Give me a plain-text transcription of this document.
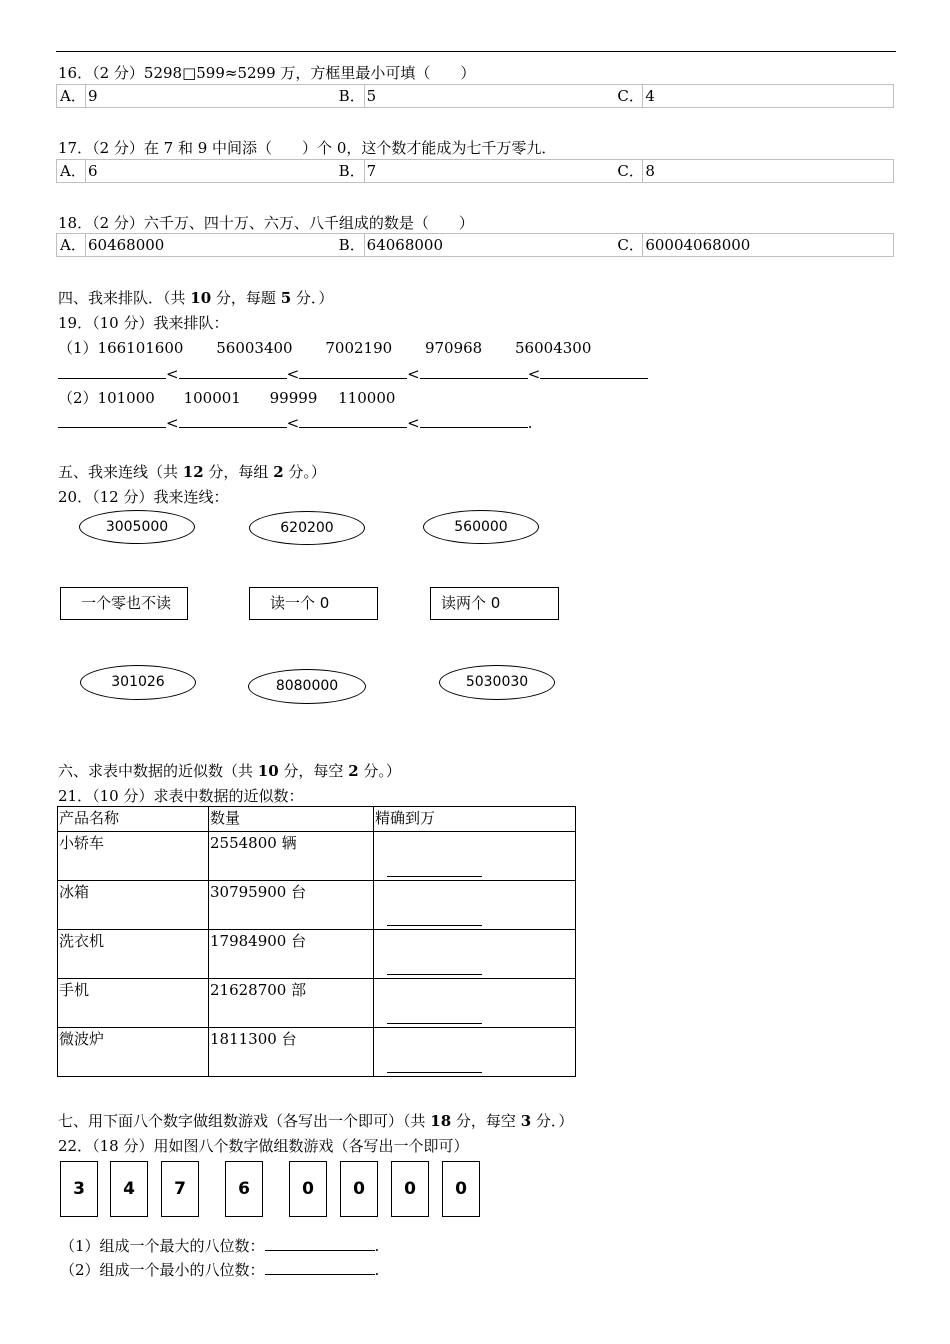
16．（2 分）5298□599≈5299 万，方框里最小可填（　　）
A． 9	B． 5	C． 4
17．（2 分）在 7 和 9 中间添（　　）个 0，这个数才能成为七千万零九．
A． 6	B． 7	C． 8
18．（2 分）六千万、四十万、六万、八千组成的数是（　　）
A． 60468000	B． 64068000	C． 60004068000
四、我来排队．（共 10 分，每题 5 分．）
19．（10 分）我来排队：
（1）166101600 56003400 7002190 970968 56004300
<	<	<	<
（2）101000 100001 99999 110000
<	<	<	.
五、我来连线（共 12 分，每组 2 分。）
20．（12 分）我来连线：
3005000	620200	560000
一个零也不读	读一个 0	读两个 0
301026	8080000	5030030
六、求表中数据的近似数（共 10 分，每空 2 分。）
21．（10 分）求表中数据的近似数：
产品名称	数量	精确到万
小轿车	2554800 辆	

冰箱	30795900 台	

洗衣机	17984900 台	

手机	21628700 部	

微波炉	1811300 台	
七、用下面八个数字做组数游戏（各写出一个即可）（共 18 分，每空 3 分．）
22．（18 分）用如图八个数字做组数游戏（各写出一个即可）
3	4	7	6	0	0	0	0
（1）组成一个最大的八位数：	.
（2）组成一个最小的八位数：	.
